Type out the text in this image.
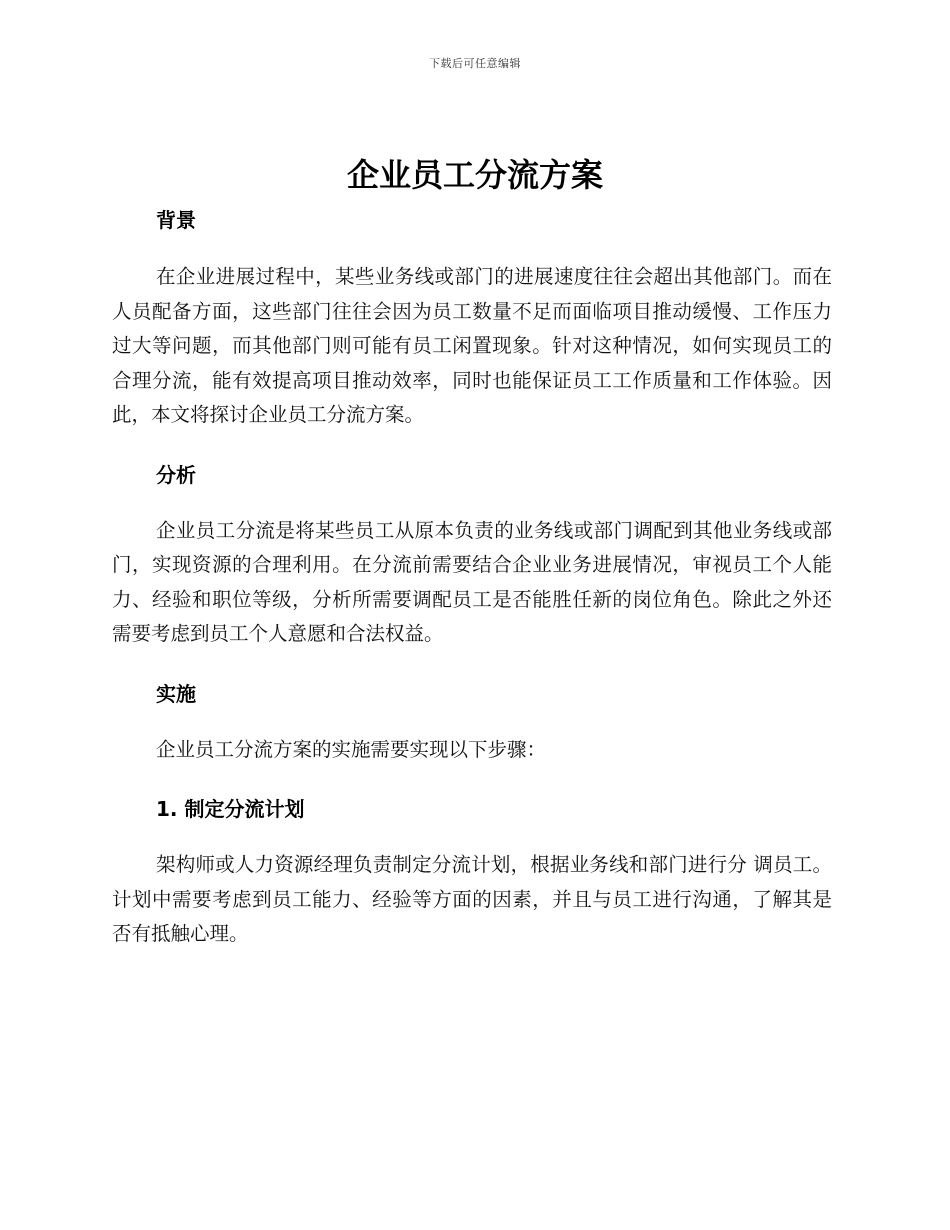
下载后可任意编辑
企业员工分流方案
背景

在企业进展过程中，某些业务线或部门的进展速度往往会超出其他部门。而在人员配备方面，这些部门往往会因为员工数量不足而面临项目推动缓慢、工作压力过大等问题，而其他部门则可能有员工闲置现象。针对这种情况，如何实现员工的合理分流，能有效提高项目推动效率，同时也能保证员工工作质量和工作体验。因此，本文将探讨企业员工分流方案。

分析

企业员工分流是将某些员工从原本负责的业务线或部门调配到其他业务线或部门，实现资源的合理利用。在分流前需要结合企业业务进展情况，审视员工个人能力、经验和职位等级，分析所需要调配员工是否能胜任新的岗位角色。除此之外还需要考虑到员工个人意愿和合法权益。

实施

企业员工分流方案的实施需要实现以下步骤：

1. 制定分流计划

架构师或人力资源经理负责制定分流计划，根据业务线和部门进行分 调员工。计划中需要考虑到员工能力、经验等方面的因素，并且与员工进行沟通，了解其是否有抵触心理。
